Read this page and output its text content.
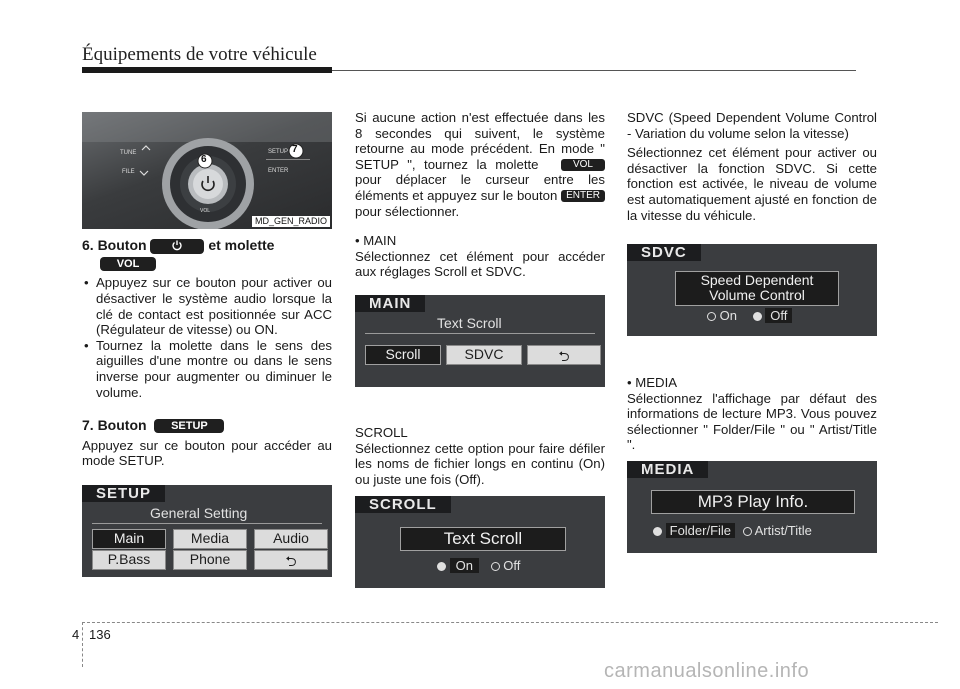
Équipements de votre véhicule
TUNE
FILE
VOL
SETUP
ENTER
6
7
MD_GEN_RADIO
6. Bouton	et molette
VOL
• Appuyez sur ce bouton pour activer ou désactiver le système audio lorsque la clé de contact est positionnée sur ACC (Régulateur de vitesse) ou ON.
• Tournez la molette dans le sens des aiguilles d'une montre ou dans le sens inverse pour augmenter ou diminuer le volume.
7. Bouton SETUP

Appuyez sur ce bouton pour accéder au mode SETUP.

SETUP
General Setting
Main	Media	Audio
P.Bass	Phone	⮌

Si aucune action n'est effectuée dans les 8 secondes qui suivent, le système retourne au mode précédent. En mode " SETUP ", tournez la molette	VOL pour déplacer le curseur entre les éléments et appuyez sur le bouton ENTER pour sélectionner.

• MAIN

Sélectionnez cet élément pour accéder aux réglages Scroll et SDVC.

MAIN
Text Scroll
Scroll	SDVC	⮌

SCROLL

Sélectionnez cette option pour faire défiler les noms de fichier longs en continu (On) ou juste une fois (Off).

SCROLL
Text Scroll
On Off

SDVC (Speed Dependent Volume Control - Variation du volume selon la vitesse)

Sélectionnez cet élément pour activer ou désactiver la fonction SDVC. Si cette fonction est activée, le niveau de volume est automatiquement ajusté en fonction de la vitesse du véhicule.

SDVC
Speed Dependent
Volume Control
On	Off

• MEDIA

Sélectionnez l'affichage par défaut des informations de lecture MP3. Vous pouvez sélectionner " Folder/File " ou " Artist/Title ".

MEDIA
MP3 Play Info.
Folder/File Artist/Title
4 136
carmanualsonline.info
